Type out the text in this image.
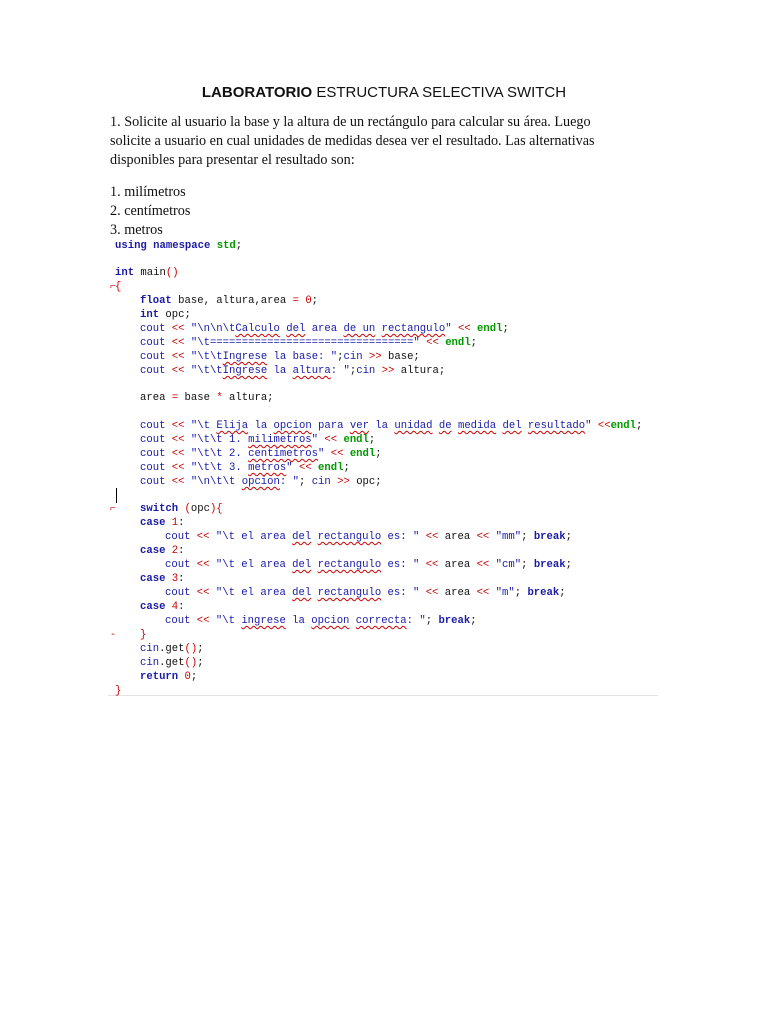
LABORATORIO ESTRUCTURA SELECTIVA SWITCH
1. Solicite al usuario la base y la altura de un rectángulo para calcular su área. Luego solicite a usuario en cual unidades de medidas desea ver el resultado. Las alternativas disponibles para presentar el resultado son:
1. milímetros
2. centímetros
3. metros
using namespace std;
int main()
⌐
{
float base, altura,area = 0;
int opc;
cout << "\n\n\tCalculo del area de un rectangulo" << endl;
cout << "\t================================" << endl;
cout << "\t\tIngrese la base: ";cin >> base;
cout << "\t\tIngrese la altura: ";cin >> altura;
area = base * altura;
cout << "\t Elija la opcion para ver la unidad de medida del resultado" <<endl;
cout << "\t\t 1. milimetros" << endl;
cout << "\t\t 2. centimetros" << endl;
cout << "\t\t 3. metros" << endl;
cout << "\n\t\t opcion: "; cin >> opc;
switch (opc){
⌐
case 1:
cout << "\t el area del rectangulo es: " << area << "mm"; break;
case 2:
cout << "\t el area del rectangulo es: " << area << "cm"; break;
case 3:
cout << "\t el area del rectangulo es: " << area << "m"; break;
case 4:
cout << "\t ingrese la opcion correcta: "; break;
- }
cin.get();
cin.get();
return 0;
}
